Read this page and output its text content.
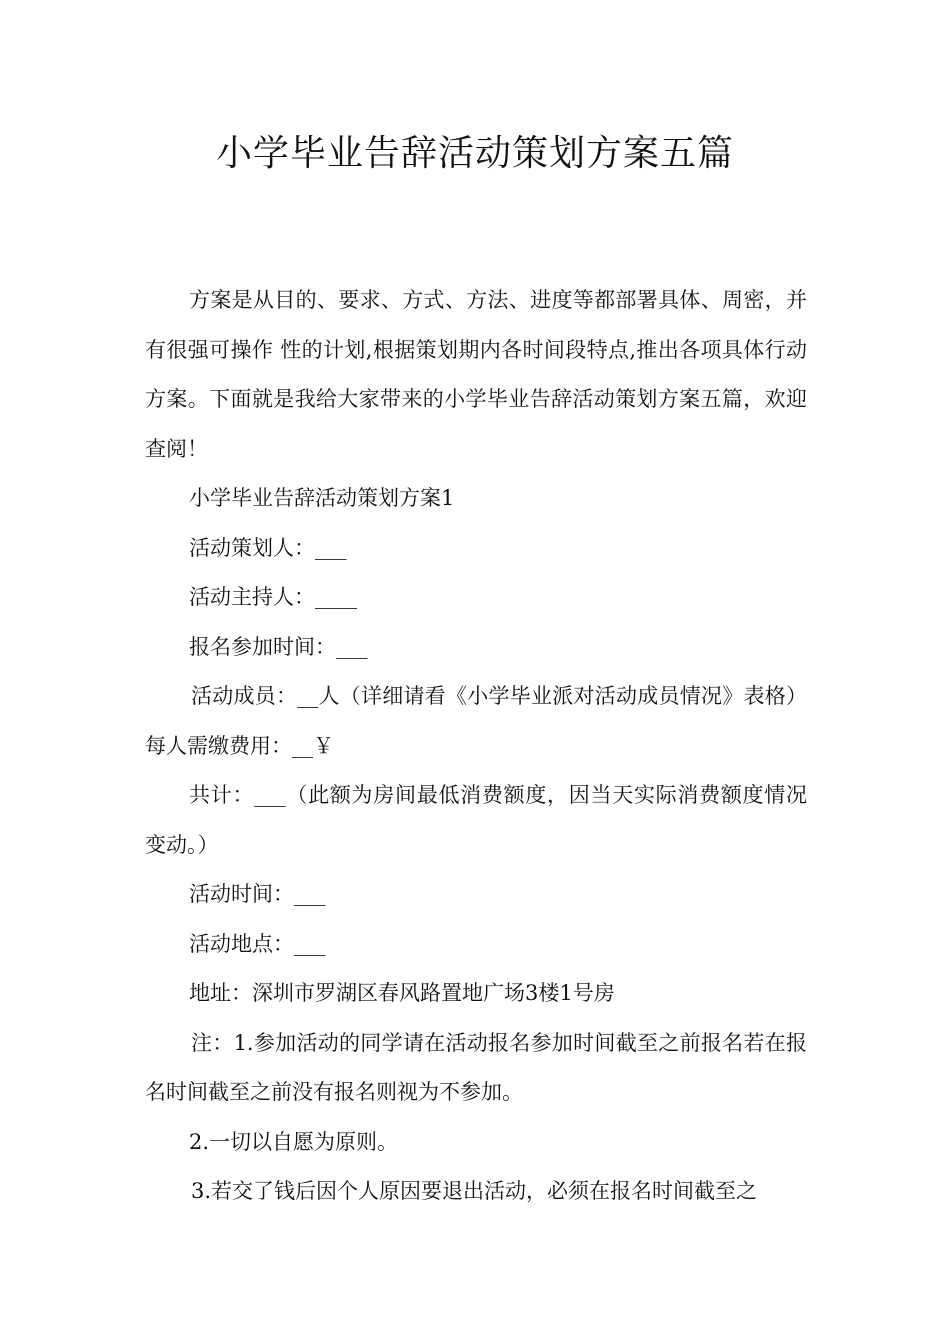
小学毕业告辞活动策划方案五篇

方案是从目的、要求、方式、方法、进度等都部署具体、周密，并有很强可操作 性的计划,根据策划期内各时间段特点,推出各项具体行动方案。下面就是我给大家带来的小学毕业告辞活动策划方案五篇，欢迎查阅！

小学毕业告辞活动策划方案1

活动策划人：___

活动主持人：____

报名参加时间：___

活动成员：__人（详细请看《小学毕业派对活动成员情况》表格）每人需缴费用：__￥

共计：___（此额为房间最低消费额度，因当天实际消费额度情况变动。）

活动时间：___

活动地点：___

地址：深圳市罗湖区春风路置地广场3楼1号房

注：1.参加活动的同学请在活动报名参加时间截至之前报名若在报名时间截至之前没有报名则视为不参加。

2.一切以自愿为原则。

3.若交了钱后因个人原因要退出活动，必须在报名时间截至之
